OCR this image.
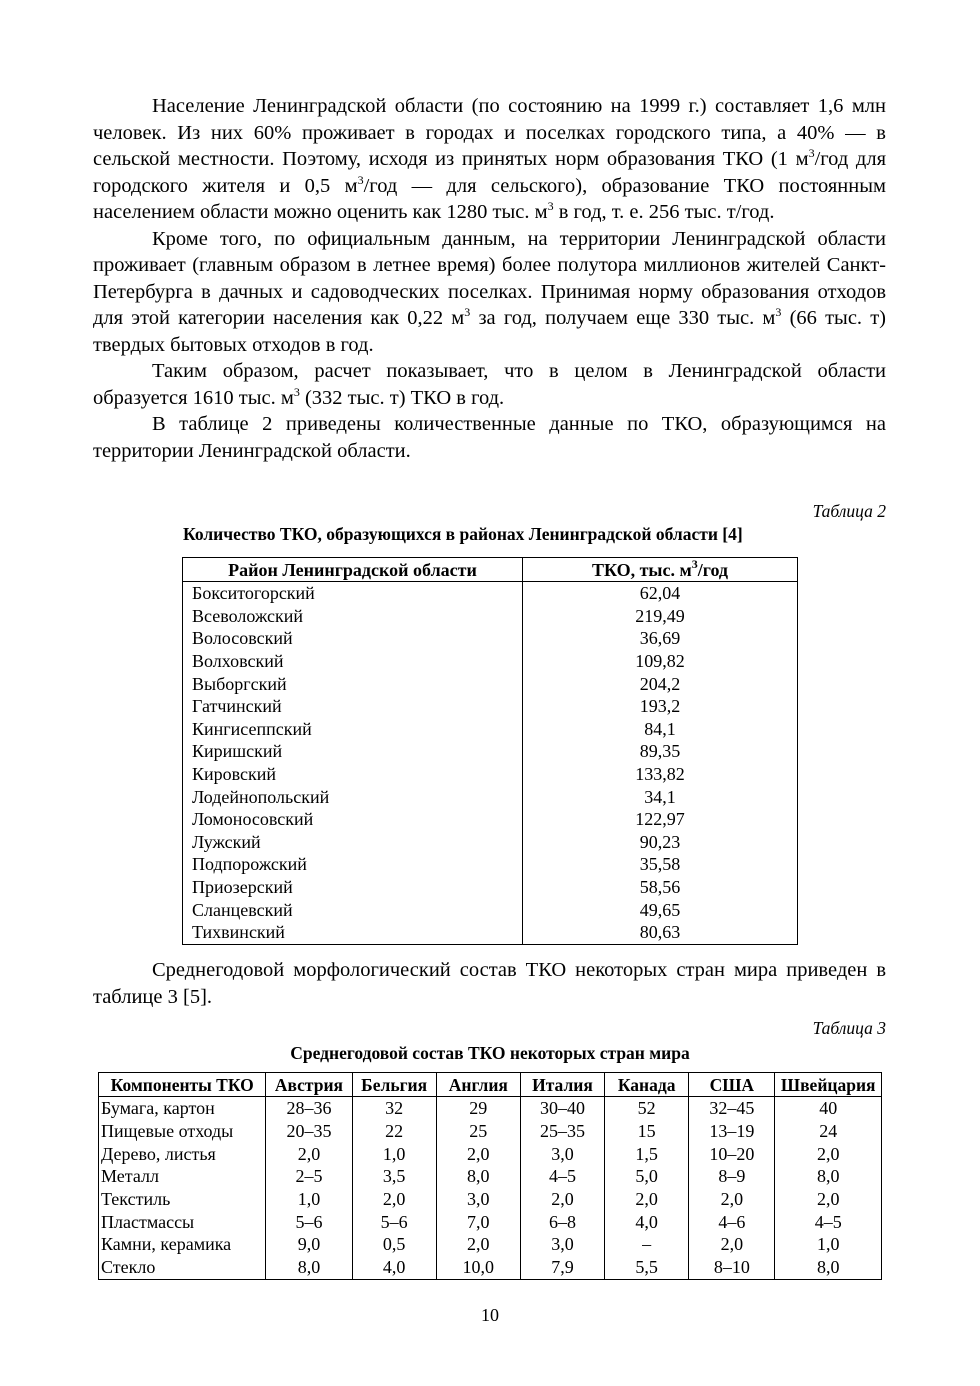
Население Ленинградской области (по состоянию на 1999 г.) составляет 1,6 млн человек. Из них 60% проживает в городах и поселках городского типа, а 40% — в сельской местности. Поэтому, исходя из принятых норм образования ТКО (1 $м^3$/год для городского жителя и 0,5 $м^3$/год — для сельского), образование ТКО постоянным населением области можно оценить как 1280 тыс. $м^3$ в год, т. е. 256 тыс. т/год.

Кроме того, по официальным данным, на территории Ленинградской области проживает (главным образом в летнее время) более полутора миллионов жителей Санкт-Петербурга в дачных и садоводческих поселках. Принимая норму образования отходов для этой категории населения как 0,22 $м^3$ за год, получаем еще 330 тыс. $м^3$ (66 тыс. т) твердых бытовых отходов в год.

Таким образом, расчет показывает, что в целом в Ленинградской области образуется 1610 тыс. $м^3$ (332 тыс. т) ТКО в год.

В таблице 2 приведены количественные данные по ТКО, образующимся на территории Ленинградской области.

Таблица 2
Количество ТКО, образующихся в районах Ленинградской области [4]
Район Ленинградской области	ТКО, тыс. $м^3$/год
Бокситогорский	62,04
Всеволожский	219,49
Волосовский	36,69
Волховский	109,82
Выборгский	204,2
Гатчинский	193,2
Кингисеппский	84,1
Киришский	89,35
Кировский	133,82
Лодейнопольский	34,1
Ломоносовский	122,97
Лужский	90,23
Подпорожский	35,58
Приозерский	58,56
Сланцевский	49,65
Тихвинский	80,63

Среднегодовой морфологический состав ТКО некоторых стран мира приведен в таблице 3 [5].

Таблица 3
Среднегодовой состав ТКО некоторых стран мира
Компоненты ТКО	Австрия	Бельгия	Англия	Италия	Канада	США	Швейцария
Бумага, картон	28–36	32	29	30–40	52	32–45	40
Пищевые отходы	20–35	22	25	25–35	15	13–19	24
Дерево, листья	2,0	1,0	2,0	3,0	1,5	10–20	2,0
Металл	2–5	3,5	8,0	4–5	5,0	8–9	8,0
Текстиль	1,0	2,0	3,0	2,0	2,0	2,0	2,0
Пластмассы	5–6	5–6	7,0	6–8	4,0	4–6	4–5
Камни, керамика	9,0	0,5	2,0	3,0	–	2,0	1,0
Стекло	8,0	4,0	10,0	7,9	5,5	8–10	8,0
10
